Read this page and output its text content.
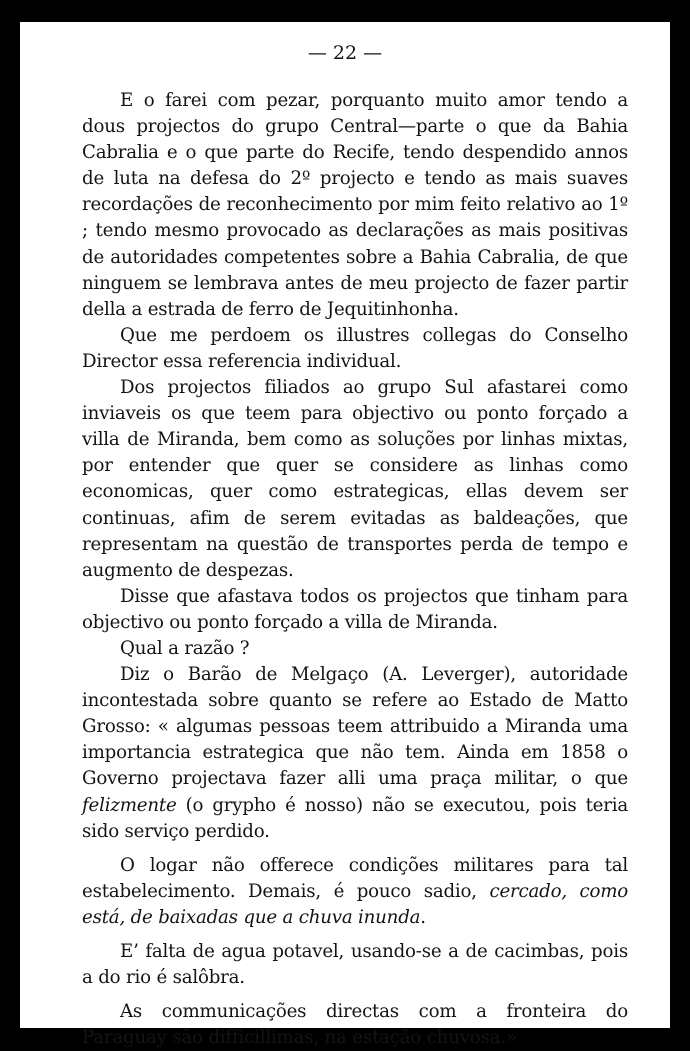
— 22 —

E o farei com pezar, porquanto muito amor tendo a dous projectos do grupo Central—parte o que da Bahia Cabralia e o que parte do Recife, tendo despendido annos de luta na defesa do 2º projecto e tendo as mais suaves recordações de reconhecimento por mim feito relativo ao 1º ; tendo mesmo provocado as declarações as mais positivas de autoridades competentes sobre a Bahia Cabralia, de que ninguem se lembrava antes de meu projecto de fazer partir della a estrada de ferro de Jequitinhonha.

Que me perdoem os illustres collegas do Conselho Director essa referencia individual.

Dos projectos filiados ao grupo Sul afastarei como inviaveis os que teem para objectivo ou ponto forçado a villa de Miranda, bem como as soluções por linhas mixtas, por entender que quer se considere as linhas como economicas, quer como estrategicas, ellas devem ser continuas, afim de serem evitadas as baldeações, que representam na questão de transportes perda de tempo e augmento de despezas.

Disse que afastava todos os projectos que tinham para objectivo ou ponto forçado a villa de Miranda.

Qual a razão ?

Diz o Barão de Melgaço (A. Leverger), autoridade incontestada sobre quanto se refere ao Estado de Matto Grosso: « algumas pessoas teem attribuido a Miranda uma importancia estrategica que não tem. Ainda em 1858 o Governo projectava fazer alli uma praça militar, o que felizmente (o grypho é nosso) não se executou, pois teria sido serviço perdido.

O logar não offerece condições militares para tal estabelecimento. Demais, é pouco sadio, cercado, como está, de baixadas que a chuva inunda.

E’ falta de agua potavel, usando-se a de cacimbas, pois a do rio é salôbra.

As communicações directas com a fronteira do Paraguay são difficillimas, na estação chuvosa.»
